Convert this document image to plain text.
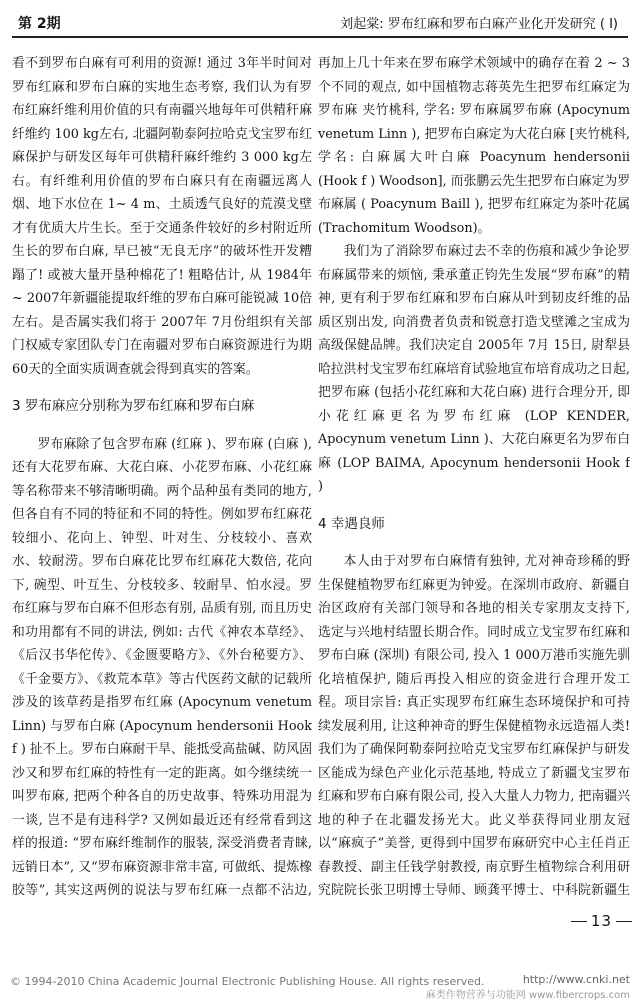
第 2期	刘起棠: 罗布红麻和罗布白麻产业化开发研究 ( I)

看不到罗布白麻有可利用的资源! 通过 3年半时间对罗布红麻和罗布白麻的实地生态考察, 我们认为有罗布红麻纤维利用价值的只有南疆兴地每年可供精秆麻纤维约 100 kg左右, 北疆阿勒泰阿拉哈克戈宝罗布红麻保护与研发区每年可供精秆麻纤维约 3 000 kg左右。有纤维利用价值的罗布白麻只有在南疆远离人烟、地下水位在 1~ 4 m、土质透气良好的荒漠戈壁才有优质大片生长。至于交通条件较好的乡村附近所生长的罗布白麻, 早已被“无良无序”的破坏性开发糟蹋了! 或被大量开垦种棉花了! 粗略估计, 从 1984年 ~ 2007年新疆能提取纤维的罗布白麻可能锐减 10倍左右。是否属实我们将于 2007年 7月份组织有关部门权威专家团队专门在南疆对罗布白麻资源进行为期 60天的全面实质调查就会得到真实的答案。

3 罗布麻应分别称为罗布红麻和罗布白麻

罗布麻除了包含罗布麻 (红麻 )、罗布麻 (白麻 ), 还有大花罗布麻、大花白麻、小花罗布麻、小花红麻等名称带来不够清晰明确。两个品种虽有类同的地方, 但各自有不同的特征和不同的特性。例如罗布红麻花较细小、花向上、钟型、叶对生、分枝较小、喜欢水、较耐涝。罗布白麻花比罗布红麻花大数倍, 花向下, 碗型、叶互生、分枝较多、较耐旱、怕水浸。罗布红麻与罗布白麻不但形态有别, 品质有别, 而且历史和功用都有不同的讲法, 例如: 古代《神农本草经》、《后汉书华佗传》、《金匮要略方》、《外台秘要方》、《千金要方》、《救荒本草》等古代医药文献的记载所涉及的该草药是指罗布红麻 (Apocynum venetum Linn) 与罗布白麻 (Apocynum hendersonii Hook f ) 扯不上。罗布白麻耐干旱、能抵受高盐碱、防风固沙又和罗布红麻的特性有一定的距离。如今继续统一叫罗布麻, 把两个种各自的历史故事、特殊功用混为一谈, 岂不是有违科学? 又例如最近还有经常看到这样的报道: “罗布麻纤维制作的服装, 深受消费者青睐, 远销日本”, 又“罗布麻资源非常丰富, 可做纸、提炼橡胶等”, 其实这两例的说法与罗布红麻一点都不沾边,

再加上几十年来在罗布麻学术领域中的确存在着 2 ~ 3个不同的观点, 如中国植物志蒋英先生把罗布红麻定为罗布麻 夹竹桃科, 学名: 罗布麻属罗布麻 (Apocynum venetum Linn ), 把罗布白麻定为大花白麻 [夹竹桃科, 学名: 白麻属大叶白麻 Poacynum hendersonii (Hook f ) Woodson], 而张鹏云先生把罗布白麻定为罗布麻属 ( Poacynum Baill ), 把罗布红麻定为茶叶花属 (Trachomitum Woodson)。

我们为了消除罗布麻过去不幸的伤痕和减少争论罗布麻属带来的烦恼, 秉承董正钧先生发展“罗布麻”的精神, 更有利于罗布红麻和罗布白麻从叶到韧皮纤维的品质区别出发, 向消费者负责和锐意打造戈壁滩之宝成为高级保健品牌。我们决定自 2005年 7月 15日, 尉犁县哈拉洪村戈宝罗布红麻培育试验地宣布培育成功之日起, 把罗布麻 (包括小花红麻和大花白麻) 进行合理分开, 即小花红麻更名为罗布红麻 (LOP KENDER, Apocynum venetum Linn )、大花白麻更名为罗布白麻 (LOP BAIMA, Apocynum hendersonii Hook f )

4 幸遇良师

本人由于对罗布白麻情有独钟, 尤对神奇珍稀的野生保健植物罗布红麻更为钟爱。在深圳市政府、新疆自治区政府有关部门领导和各地的相关专家朋友支持下, 选定与兴地村结盟长期合作。同时成立戈宝罗布红麻和罗布白麻 (深圳) 有限公司, 投入 1 000万港币实施先驯化培植保护, 随后再投入相应的资金进行合理开发工程。项目宗旨: 真正实现罗布红麻生态环境保护和可持续发展利用, 让这种神奇的野生保健植物永远造福人类! 我们为了确保阿勒泰阿拉哈克戈宝罗布红麻保护与研发区能成为绿色产业化示范基地, 特成立了新疆戈宝罗布红麻和罗布白麻有限公司, 投入大量人力物力, 把南疆兴地的种子在北疆发扬光大。此义举获得同业朋友冠以“麻疯子”美誉, 更得到中国罗布麻研究中心主任肖正春教授、副主任钱学射教授, 南京野生植物综合利用研究院院长张卫明博士导师、顾龚平博士、中科院新疆生

13
© 1994-2010 China Academic Journal Electronic Publishing House. All rights reserved.	http://www.cnki.net
麻类作物营养与功能网 www.fibercrops.com
